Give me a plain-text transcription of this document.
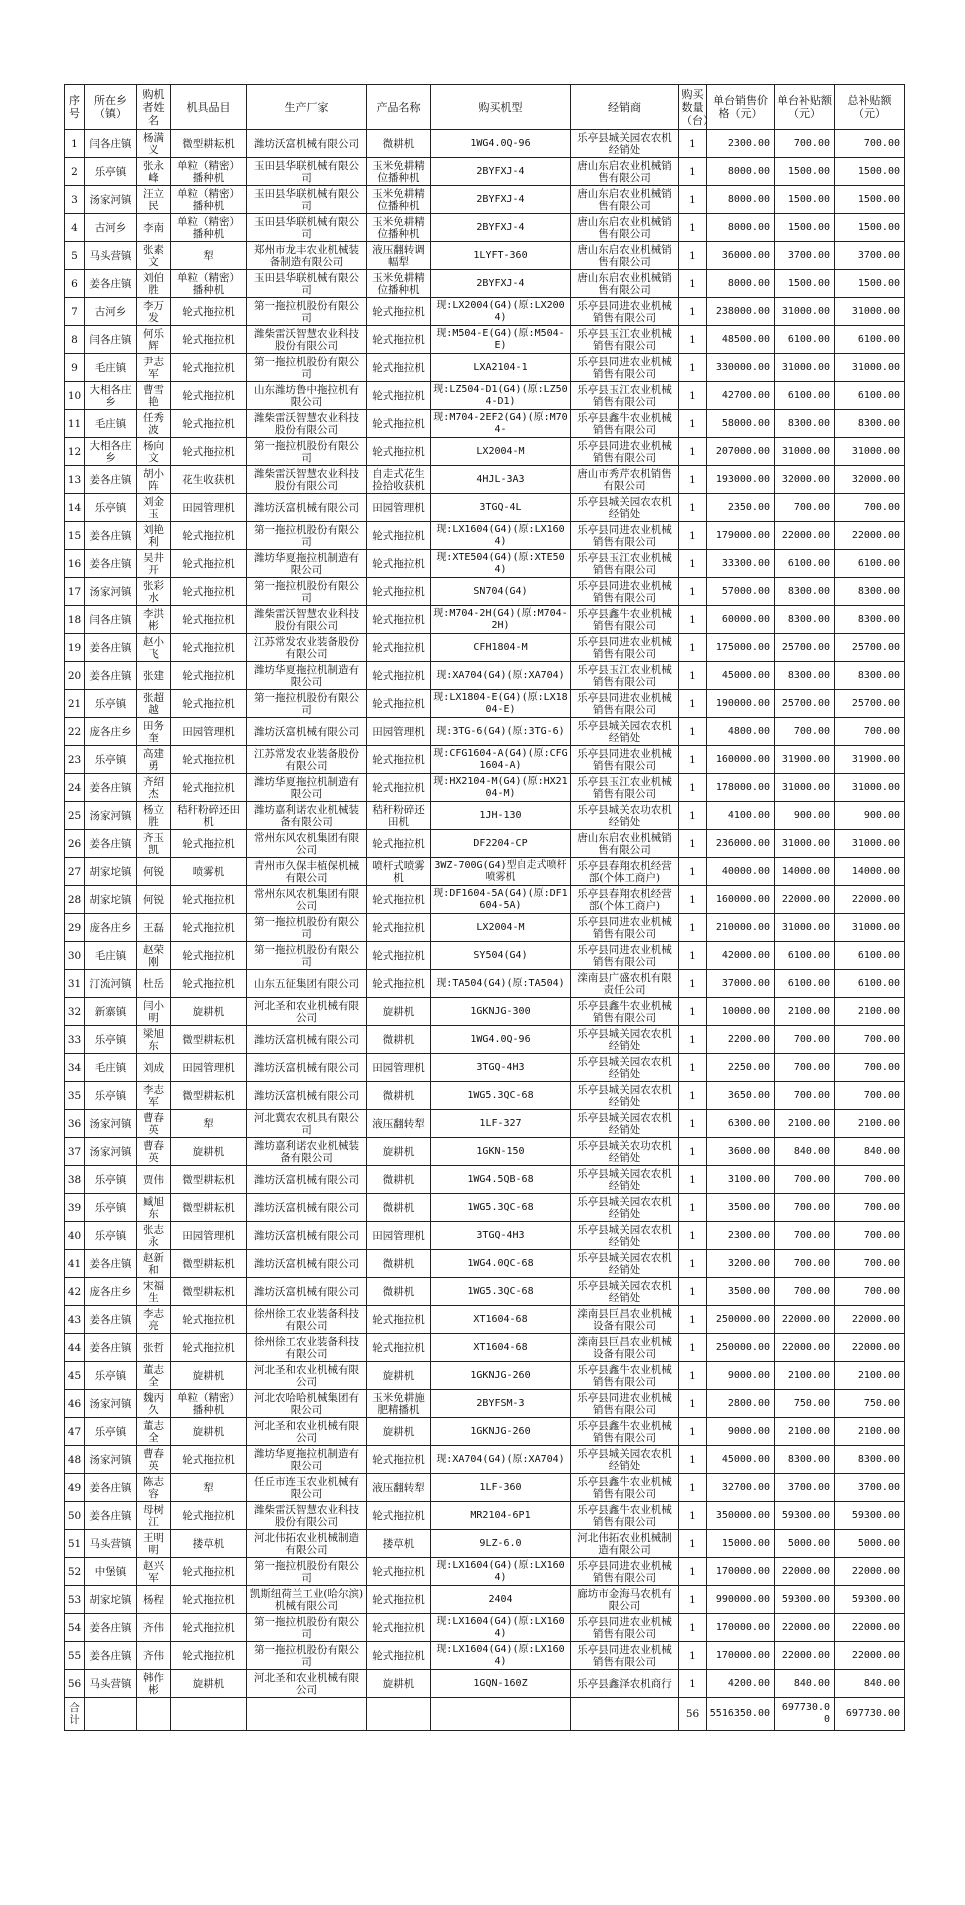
序号	所在乡（镇）	购机者姓名	机具品目	生产厂家	产品名称	购买机型	经销商	购买数量（台）	单台销售价格（元）	单台补贴额（元）	总补贴额（元）
1	闫各庄镇	杨满义	微型耕耘机	潍坊沃富机械有限公司	微耕机	1WG4.0Q-96	乐亭县城关园农农机经销处	1	2300.00	700.00	700.00
2	乐亭镇	张永峰	单粒（精密）播种机	玉田县华联机械有限公司	玉米免耕精位播种机	2BYFXJ-4	唐山东启农业机械销售有限公司	1	8000.00	1500.00	1500.00
3	汤家河镇	汪立民	单粒（精密）播种机	玉田县华联机械有限公司	玉米免耕精位播种机	2BYFXJ-4	唐山东启农业机械销售有限公司	1	8000.00	1500.00	1500.00
4	古河乡	李南	单粒（精密）播种机	玉田县华联机械有限公司	玉米免耕精位播种机	2BYFXJ-4	唐山东启农业机械销售有限公司	1	8000.00	1500.00	1500.00
5	马头营镇	张素文	犁	郑州市龙丰农业机械装备制造有限公司	液压翻转调幅犁	1LYFT-360	唐山东启农业机械销售有限公司	1	36000.00	3700.00	3700.00
6	姜各庄镇	刘伯胜	单粒（精密）播种机	玉田县华联机械有限公司	玉米免耕精位播种机	2BYFXJ-4	唐山东启农业机械销售有限公司	1	8000.00	1500.00	1500.00
7	古河乡	李万发	轮式拖拉机	第一拖拉机股份有限公司	轮式拖拉机	现:LX2004(G4)(原:LX2004)	乐亭县同进农业机械销售有限公司	1	238000.00	31000.00	31000.00
8	闫各庄镇	何乐辉	轮式拖拉机	潍柴雷沃智慧农业科技股份有限公司	轮式拖拉机	现:M504-E(G4)(原:M504-E)	乐亭县玉江农业机械销售有限公司	1	48500.00	6100.00	6100.00
9	毛庄镇	尹志军	轮式拖拉机	第一拖拉机股份有限公司	轮式拖拉机	LXA2104-1	乐亭县同进农业机械销售有限公司	1	330000.00	31000.00	31000.00
10	大相各庄乡	曹雪艳	轮式拖拉机	山东潍坊鲁中拖拉机有限公司	轮式拖拉机	现:LZ504-D1(G4)(原:LZ504-D1)	乐亭县玉江农业机械销售有限公司	1	42700.00	6100.00	6100.00
11	毛庄镇	任秀波	轮式拖拉机	潍柴雷沃智慧农业科技股份有限公司	轮式拖拉机	现:M704-2EF2(G4)(原:M704-	乐亭县鑫牛农业机械销售有限公司	1	58000.00	8300.00	8300.00
12	大相各庄乡	杨向文	轮式拖拉机	第一拖拉机股份有限公司	轮式拖拉机	LX2004-M	乐亭县同进农业机械销售有限公司	1	207000.00	31000.00	31000.00
13	姜各庄镇	胡小阵	花生收获机	潍柴雷沃智慧农业科技股份有限公司	自走式花生捡拾收获机	4HJL-3A3	唐山市秀芹农机销售有限公司	1	193000.00	32000.00	32000.00
14	乐亭镇	刘金玉	田园管理机	潍坊沃富机械有限公司	田园管理机	3TGQ-4L	乐亭县城关园农农机经销处	1	2350.00	700.00	700.00
15	姜各庄镇	刘艳利	轮式拖拉机	第一拖拉机股份有限公司	轮式拖拉机	现:LX1604(G4)(原:LX1604)	乐亭县同进农业机械销售有限公司	1	179000.00	22000.00	22000.00
16	姜各庄镇	吴井开	轮式拖拉机	潍坊华夏拖拉机制造有限公司	轮式拖拉机	现:XTE504(G4)(原:XTE504)	乐亭县玉江农业机械销售有限公司	1	33300.00	6100.00	6100.00
17	汤家河镇	张彩水	轮式拖拉机	第一拖拉机股份有限公司	轮式拖拉机	SN704(G4)	乐亭县同进农业机械销售有限公司	1	57000.00	8300.00	8300.00
18	闫各庄镇	李洪彬	轮式拖拉机	潍柴雷沃智慧农业科技股份有限公司	轮式拖拉机	现:M704-2H(G4)(原:M704-2H)	乐亭县鑫牛农业机械销售有限公司	1	60000.00	8300.00	8300.00
19	姜各庄镇	赵小飞	轮式拖拉机	江苏常发农业装备股份有限公司	轮式拖拉机	CFH1804-M	乐亭县同进农业机械销售有限公司	1	175000.00	25700.00	25700.00
20	姜各庄镇	张建	轮式拖拉机	潍坊华夏拖拉机制造有限公司	轮式拖拉机	现:XA704(G4)(原:XA704)	乐亭县玉江农业机械销售有限公司	1	45000.00	8300.00	8300.00
21	乐亭镇	张超越	轮式拖拉机	第一拖拉机股份有限公司	轮式拖拉机	现:LX1804-E(G4)(原:LX1804-E)	乐亭县同进农业机械销售有限公司	1	190000.00	25700.00	25700.00
22	庞各庄乡	田务奎	田园管理机	潍坊沃富机械有限公司	田园管理机	现:3TG-6(G4)(原:3TG-6)	乐亭县城关园农农机经销处	1	4800.00	700.00	700.00
23	乐亭镇	高建勇	轮式拖拉机	江苏常发农业装备股份有限公司	轮式拖拉机	现:CFG1604-A(G4)(原:CFG1604-A)	乐亭县同进农业机械销售有限公司	1	160000.00	31900.00	31900.00
24	姜各庄镇	齐绍杰	轮式拖拉机	潍坊华夏拖拉机制造有限公司	轮式拖拉机	现:HX2104-M(G4)(原:HX2104-M)	乐亭县玉江农业机械销售有限公司	1	178000.00	31000.00	31000.00
25	汤家河镇	杨立胜	秸秆粉碎还田机	潍坊嘉利诺农业机械装备有限公司	秸秆粉碎还田机	1JH-130	乐亭县城关农功农机经销处	1	4100.00	900.00	900.00
26	姜各庄镇	齐玉凯	轮式拖拉机	常州东风农机集团有限公司	轮式拖拉机	DF2204-CP	唐山东启农业机械销售有限公司	1	236000.00	31000.00	31000.00
27	胡家坨镇	何锐	喷雾机	青州市久保丰植保机械有限公司	喷杆式喷雾机	3WZ-700G(G4)型自走式喷杆喷雾机	乐亭县春翔农机经营部(个体工商户)	1	40000.00	14000.00	14000.00
28	胡家坨镇	何锐	轮式拖拉机	常州东风农机集团有限公司	轮式拖拉机	现:DF1604-5A(G4)(原:DF1604-5A)	乐亭县春翔农机经营部(个体工商户)	1	160000.00	22000.00	22000.00
29	庞各庄乡	王磊	轮式拖拉机	第一拖拉机股份有限公司	轮式拖拉机	LX2004-M	乐亭县同进农业机械销售有限公司	1	210000.00	31000.00	31000.00
30	毛庄镇	赵荣刚	轮式拖拉机	第一拖拉机股份有限公司	轮式拖拉机	SY504(G4)	乐亭县同进农业机械销售有限公司	1	42000.00	6100.00	6100.00
31	汀流河镇	杜岳	轮式拖拉机	山东五征集团有限公司	轮式拖拉机	现:TA504(G4)(原:TA504)	滦南县广盛农机有限责任公司	1	37000.00	6100.00	6100.00
32	新寨镇	闫小明	旋耕机	河北圣和农业机械有限公司	旋耕机	1GKNJG-300	乐亭县鑫牛农业机械销售有限公司	1	10000.00	2100.00	2100.00
33	乐亭镇	梁旭东	微型耕耘机	潍坊沃富机械有限公司	微耕机	1WG4.0Q-96	乐亭县城关园农农机经销处	1	2200.00	700.00	700.00
34	毛庄镇	刘成	田园管理机	潍坊沃富机械有限公司	田园管理机	3TGQ-4H3	乐亭县城关园农农机经销处	1	2250.00	700.00	700.00
35	乐亭镇	李志军	微型耕耘机	潍坊沃富机械有限公司	微耕机	1WG5.3QC-68	乐亭县城关园农农机经销处	1	3650.00	700.00	700.00
36	汤家河镇	曹春英	犁	河北冀农农机具有限公司	液压翻转犁	1LF-327	乐亭县城关园农农机经销处	1	6300.00	2100.00	2100.00
37	汤家河镇	曹春英	旋耕机	潍坊嘉利诺农业机械装备有限公司	旋耕机	1GKN-150	乐亭县城关农功农机经销处	1	3600.00	840.00	840.00
38	乐亭镇	贾伟	微型耕耘机	潍坊沃富机械有限公司	微耕机	1WG4.5QB-68	乐亭县城关园农农机经销处	1	3100.00	700.00	700.00
39	乐亭镇	臧旭东	微型耕耘机	潍坊沃富机械有限公司	微耕机	1WG5.3QC-68	乐亭县城关园农农机经销处	1	3500.00	700.00	700.00
40	乐亭镇	张志永	田园管理机	潍坊沃富机械有限公司	田园管理机	3TGQ-4H3	乐亭县城关园农农机经销处	1	2300.00	700.00	700.00
41	姜各庄镇	赵新和	微型耕耘机	潍坊沃富机械有限公司	微耕机	1WG4.0QC-68	乐亭县城关园农农机经销处	1	3200.00	700.00	700.00
42	庞各庄乡	宋福生	微型耕耘机	潍坊沃富机械有限公司	微耕机	1WG5.3QC-68	乐亭县城关园农农机经销处	1	3500.00	700.00	700.00
43	姜各庄镇	李志亮	轮式拖拉机	徐州徐工农业装备科技有限公司	轮式拖拉机	XT1604-68	滦南县巨昌农业机械设备有限公司	1	250000.00	22000.00	22000.00
44	姜各庄镇	张哲	轮式拖拉机	徐州徐工农业装备科技有限公司	轮式拖拉机	XT1604-68	滦南县巨昌农业机械设备有限公司	1	250000.00	22000.00	22000.00
45	乐亭镇	董志全	旋耕机	河北圣和农业机械有限公司	旋耕机	1GKNJG-260	乐亭县鑫牛农业机械销售有限公司	1	9000.00	2100.00	2100.00
46	汤家河镇	魏丙久	单粒（精密）播种机	河北农哈哈机械集团有限公司	玉米免耕施肥精播机	2BYFSM-3	乐亭县同进农业机械销售有限公司	1	2800.00	750.00	750.00
47	乐亭镇	董志全	旋耕机	河北圣和农业机械有限公司	旋耕机	1GKNJG-260	乐亭县鑫牛农业机械销售有限公司	1	9000.00	2100.00	2100.00
48	汤家河镇	曹春英	轮式拖拉机	潍坊华夏拖拉机制造有限公司	轮式拖拉机	现:XA704(G4)(原:XA704)	乐亭县城关园农农机经销处	1	45000.00	8300.00	8300.00
49	姜各庄镇	陈志容	犁	任丘市连玉农业机械有限公司	液压翻转犁	1LF-360	乐亭县鑫牛农业机械销售有限公司	1	32700.00	3700.00	3700.00
50	姜各庄镇	母树江	轮式拖拉机	潍柴雷沃智慧农业科技股份有限公司	轮式拖拉机	MR2104-6P1	乐亭县鑫牛农业机械销售有限公司	1	350000.00	59300.00	59300.00
51	马头营镇	王明明	搂草机	河北伟拓农业机械制造有限公司	搂草机	9LZ-6.0	河北伟拓农业机械制造有限公司	1	15000.00	5000.00	5000.00
52	中堡镇	赵兴军	轮式拖拉机	第一拖拉机股份有限公司	轮式拖拉机	现:LX1604(G4)(原:LX1604)	乐亭县同进农业机械销售有限公司	1	170000.00	22000.00	22000.00
53	胡家坨镇	杨程	轮式拖拉机	凯斯纽荷兰工业(哈尔滨)机械有限公司	轮式拖拉机	2404	廊坊市金海马农机有限公司	1	990000.00	59300.00	59300.00
54	姜各庄镇	齐伟	轮式拖拉机	第一拖拉机股份有限公司	轮式拖拉机	现:LX1604(G4)(原:LX1604)	乐亭县同进农业机械销售有限公司	1	170000.00	22000.00	22000.00
55	姜各庄镇	齐伟	轮式拖拉机	第一拖拉机股份有限公司	轮式拖拉机	现:LX1604(G4)(原:LX1604)	乐亭县同进农业机械销售有限公司	1	170000.00	22000.00	22000.00
56	马头营镇	韩作彬	旋耕机	河北圣和农业机械有限公司	旋耕机	1GQN-160Z	乐亭县鑫泽农机商行	1	4200.00	840.00	840.00
合计								56	5516350.00	697730.00	697730.00
